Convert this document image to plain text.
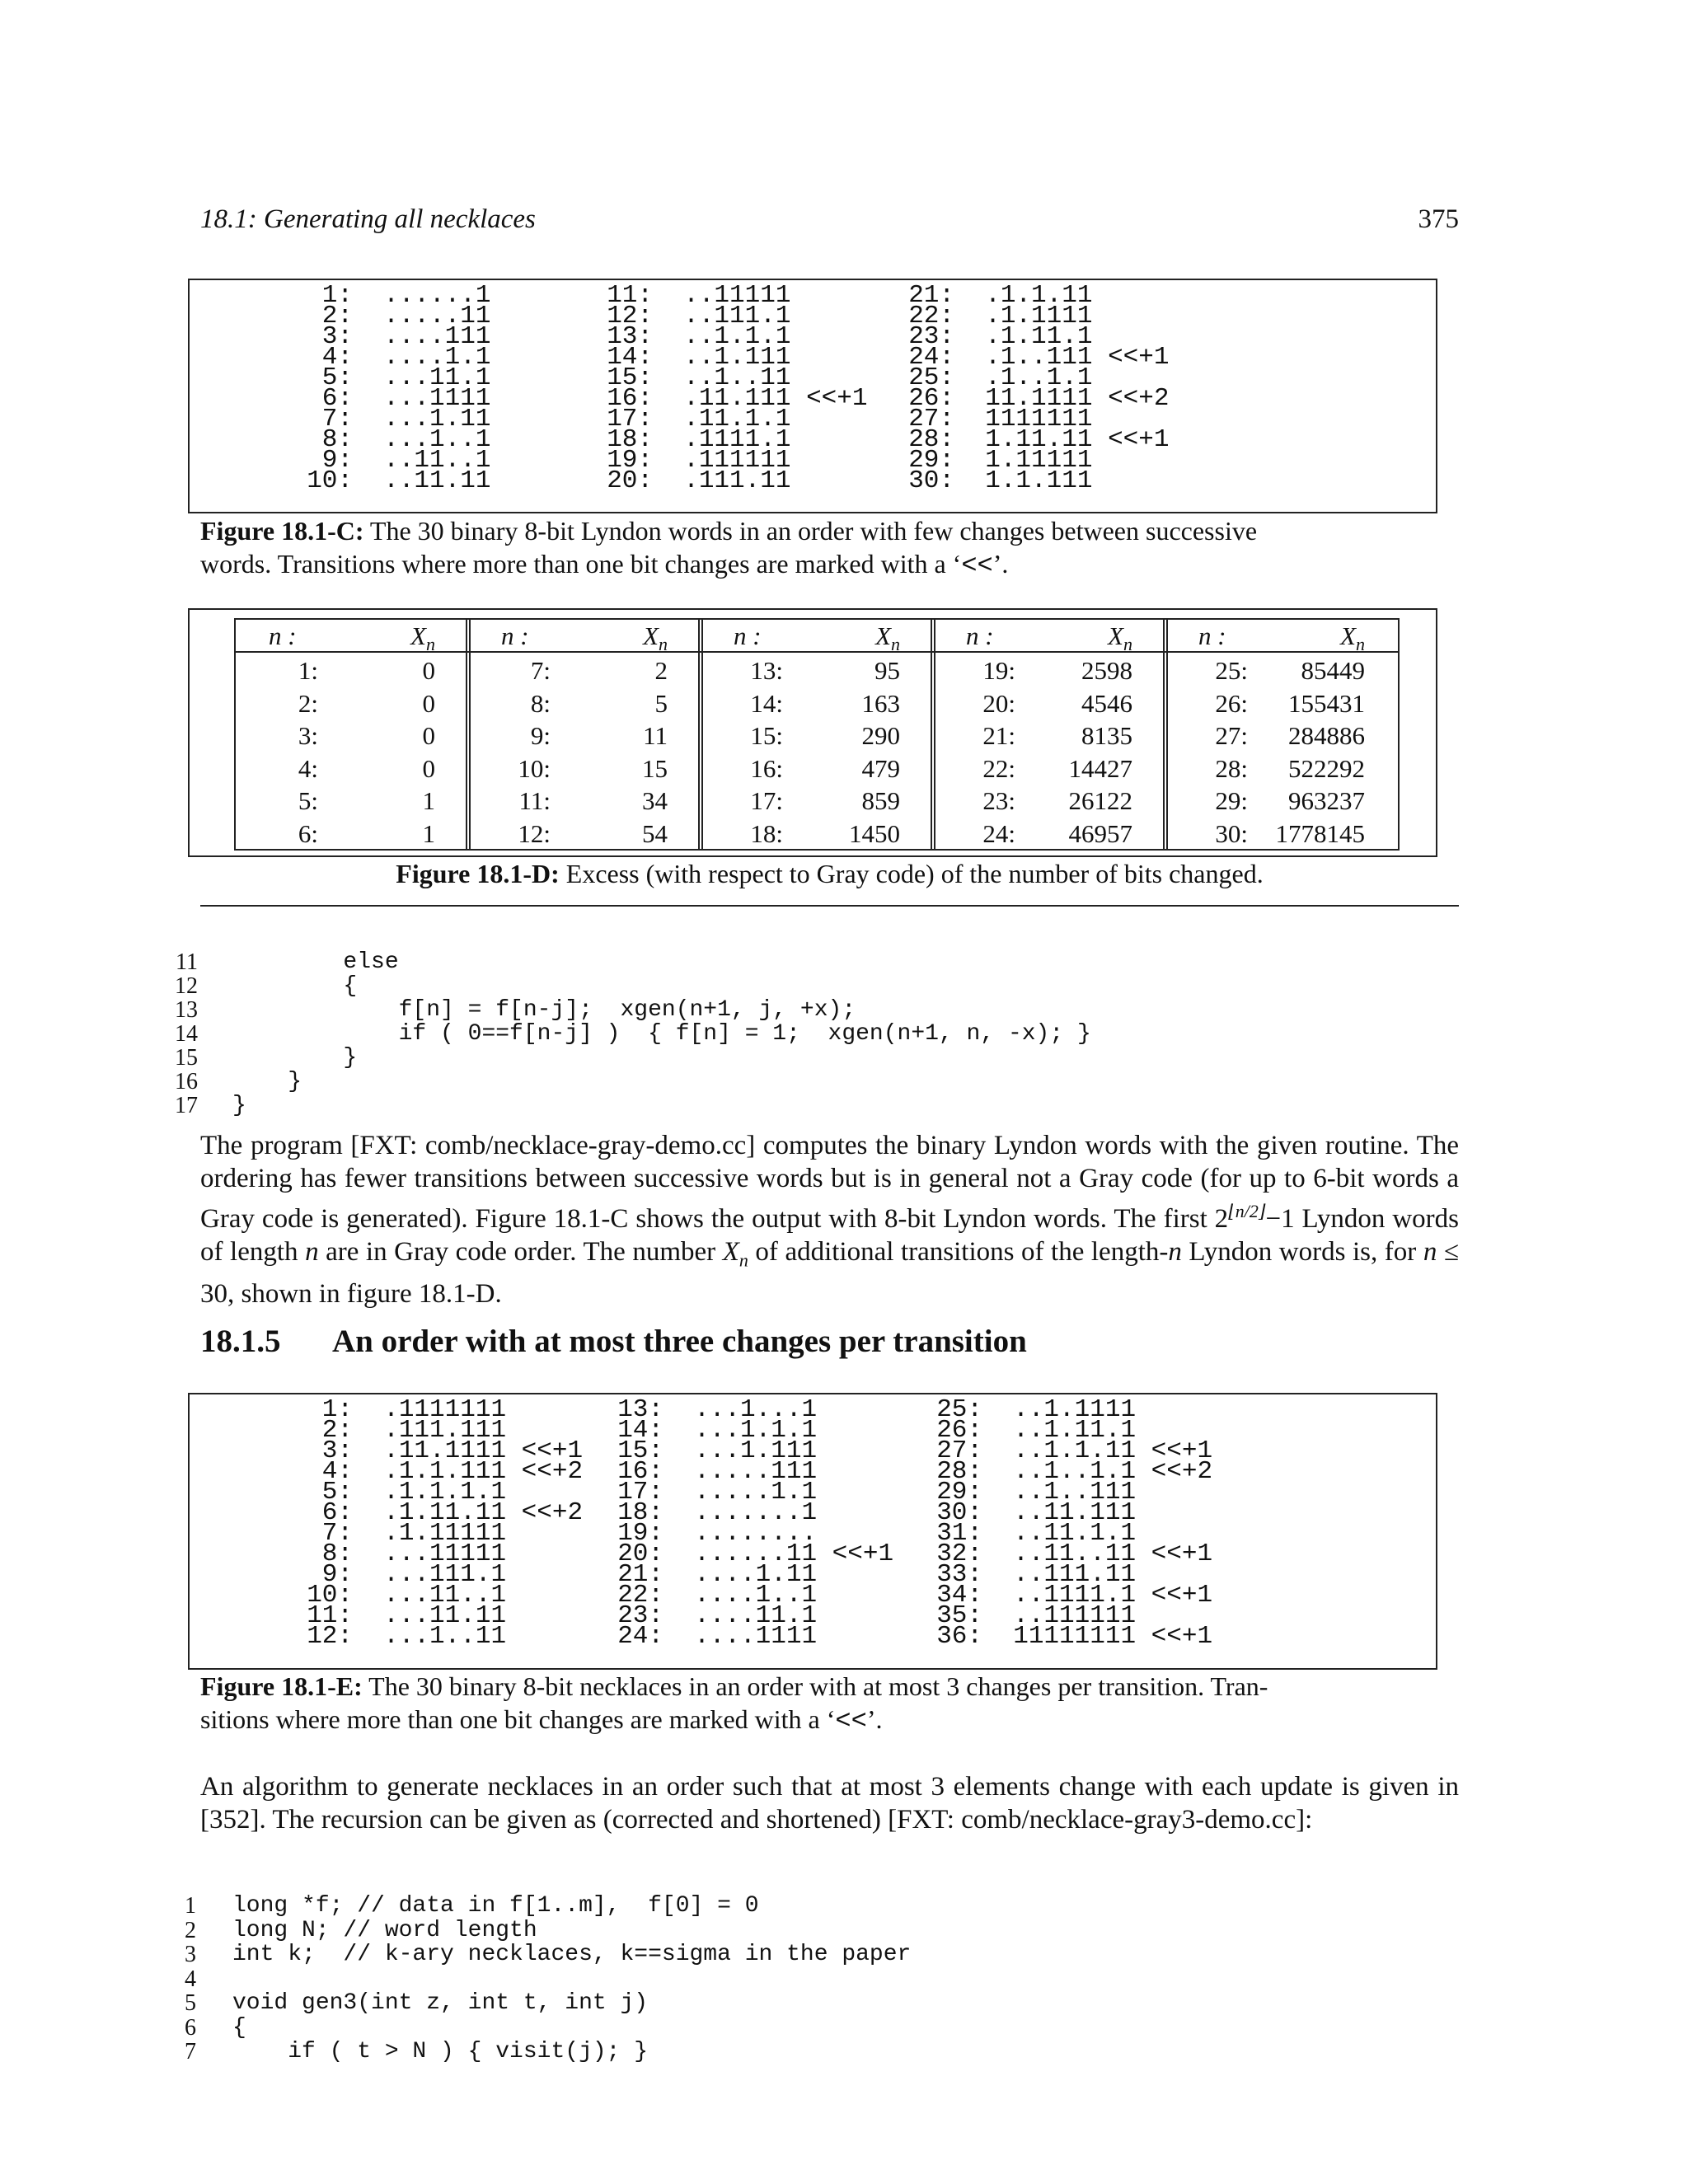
18.1: Generating all necklaces	375
Figure 18.1-C: The 30 binary 8-bit Lyndon words in an order with few changes between successive
words. Transitions where more than one bit changes are marked with a ‘<<’.
n :	$X_n$
1:	0
2:	0
3:	0
4:	0
5:	1
6:	1
n :	$X_n$
7:	2
8:	5
9:	11
10:	15
11:	34
12:	54
n :	$X_n$
13:	95
14:	163
15:	290
16:	479
17:	859
18:	1450
n :	$X_n$
19:	2598
20:	4546
21:	8135
22: 14427
23: 26122
24: 46957
n :	$X_n$
25: 85449
26: 155431
27: 284886
28: 522292
29: 963237
30: 1778145
Figure 18.1-D: Excess (with respect to Gray code) of the number of bits changed.
11 else
12 {
13 f[n] = f[n-j];  xgen(n+1, j, +x);
14 if ( 0==f[n-j] )  { f[n] = 1;  xgen(n+1, n, -x); }
15 }
16 }
17 }
The program [FXT: comb/necklace-gray-demo.cc] computes the binary Lyndon words with the given routine. The ordering has fewer transitions between successive words but is in general not a Gray code (for up to 6-bit words a Gray code is generated). Figure 18.1-C shows the output with 8-bit Lyndon words. The first $2^{⌊n/2⌋}-1$ Lyndon words of length n are in Gray code order. The number $X_n$ of additional transitions of the length-n Lyndon words is, for n ≤ 30, shown in figure 18.1-D.
18.1.5 An order with at most three changes per transition
Figure 18.1-E: The 30 binary 8-bit necklaces in an order with at most 3 changes per transition. Tran-
sitions where more than one bit changes are marked with a ‘<<’.
An algorithm to generate necklaces in an order such that at most 3 elements change with each update is given in [352]. The recursion can be given as (corrected and shortened) [FXT: comb/necklace-gray3-demo.cc]:
1 long *f; // data in f[1..m],  f[0] = 0
2 long N; // word length
3 int k;  // k-ary necklaces, k==sigma in the paper
4
5 void gen3(int z, int t, int j)
6 {
7 if ( t > N ) { visit(j); }
1: ......1
2: .....11
3: ....111
4: ....1.1
5: ...11.1
6: ...1111
7: ...1.11
8: ...1..1
9: ..11..1
10: ..11.11
11: ..11111
12: ..111.1
13: ..1.1.1
14: ..1.111
15: ..1..11
16: .11.111 <<+1
17: .11.1.1
18: .1111.1
19: .111111
20: .111.11
21: .1.1.11
22: .1.1111
23: .1.11.1
24: .1..111 <<+1
25: .1..1.1
26: 11.1111 <<+2
27: 1111111
28: 1.11.11 <<+1
29: 1.11111
30: 1.1.111
1: .1111111
2: .111.111
3: .11.1111 <<+1
4: .1.1.111 <<+2
5: .1.1.1.1
6: .1.11.11 <<+2
7: .1.11111
8: ...11111
9: ...111.1
10: ...11..1
11: ...11.11
12: ...1..11
13: ...1...1
14: ...1.1.1
15: ...1.111
16: .....111
17: .....1.1
18: .......1
19: ........
20: ......11 <<+1
21: ....1.11
22: ....1..1
23: ....11.1
24: ....1111
25: ..1.1111
26: ..1.11.1
27: ..1.1.11 <<+1
28: ..1..1.1 <<+2
29: ..1..111
30: ..11.111
31: ..11.1.1
32: ..11..11 <<+1
33: ..111.11
34: ..1111.1 <<+1
35: ..111111
36: 11111111 <<+1
